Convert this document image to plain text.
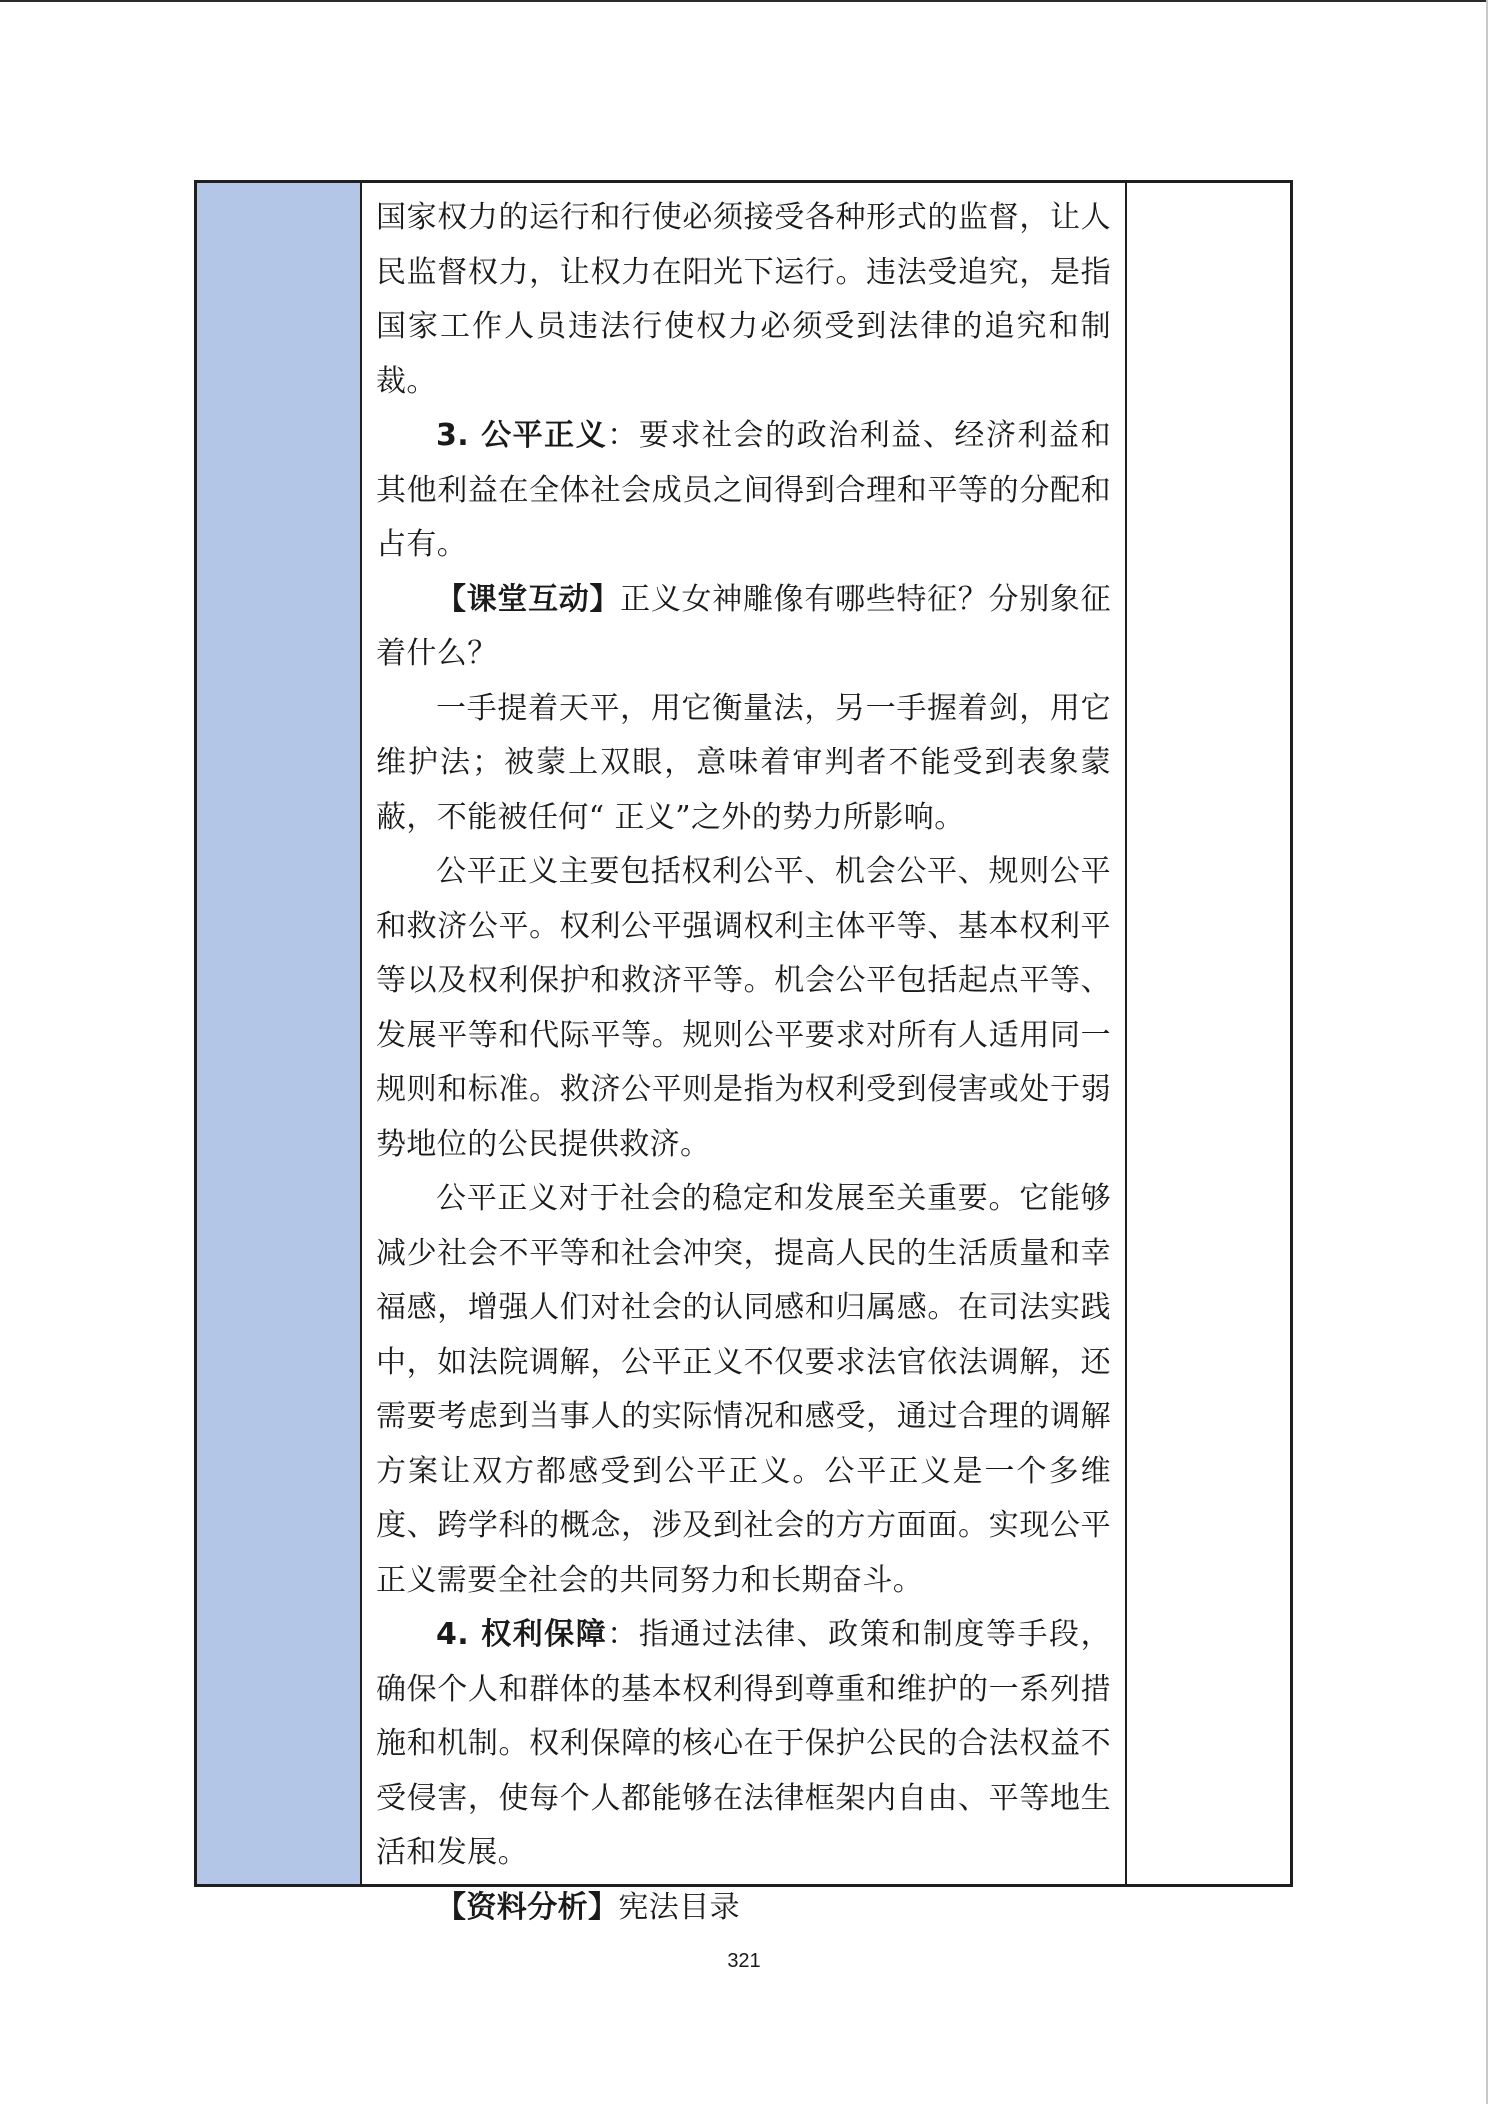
国家权力的运行和行使必须接受各种形式的监督，让人民监督权力，让权力在阳光下运行。违法受追究，是指国家工作人员违法行使权力必须受到法律的追究和制裁。

3. 公平正义：要求社会的政治利益、经济利益和其他利益在全体社会成员之间得到合理和平等的分配和占有。

【课堂互动】正义女神雕像有哪些特征？分别象征着什么？

一手提着天平，用它衡量法，另一手握着剑，用它维护法；被蒙上双眼，意味着审判者不能受到表象蒙蔽，不能被任何“ 正义”之外的势力所影响。

公平正义主要包括权利公平、机会公平、规则公平和救济公平。权利公平强调权利主体平等、基本权利平等以及权利保护和救济平等。机会公平包括起点平等、发展平等和代际平等。规则公平要求对所有人适用同一规则和标准。救济公平则是指为权利受到侵害或处于弱势地位的公民提供救济。

公平正义对于社会的稳定和发展至关重要。它能够减少社会不平等和社会冲突，提高人民的生活质量和幸福感，增强人们对社会的认同感和归属感。在司法实践中，如法院调解，公平正义不仅要求法官依法调解，还需要考虑到当事人的实际情况和感受，通过合理的调解方案让双方都感受到公平正义。公平正义是一个多维度、跨学科的概念，涉及到社会的方方面面。实现公平正义需要全社会的共同努力和长期奋斗。

4. 权利保障：指通过法律、政策和制度等手段，确保个人和群体的基本权利得到尊重和维护的一系列措施和机制。权利保障的核心在于保护公民的合法权益不受侵害，使每个人都能够在法律框架内自由、平等地生活和发展。

【资料分析】宪法目录

321
